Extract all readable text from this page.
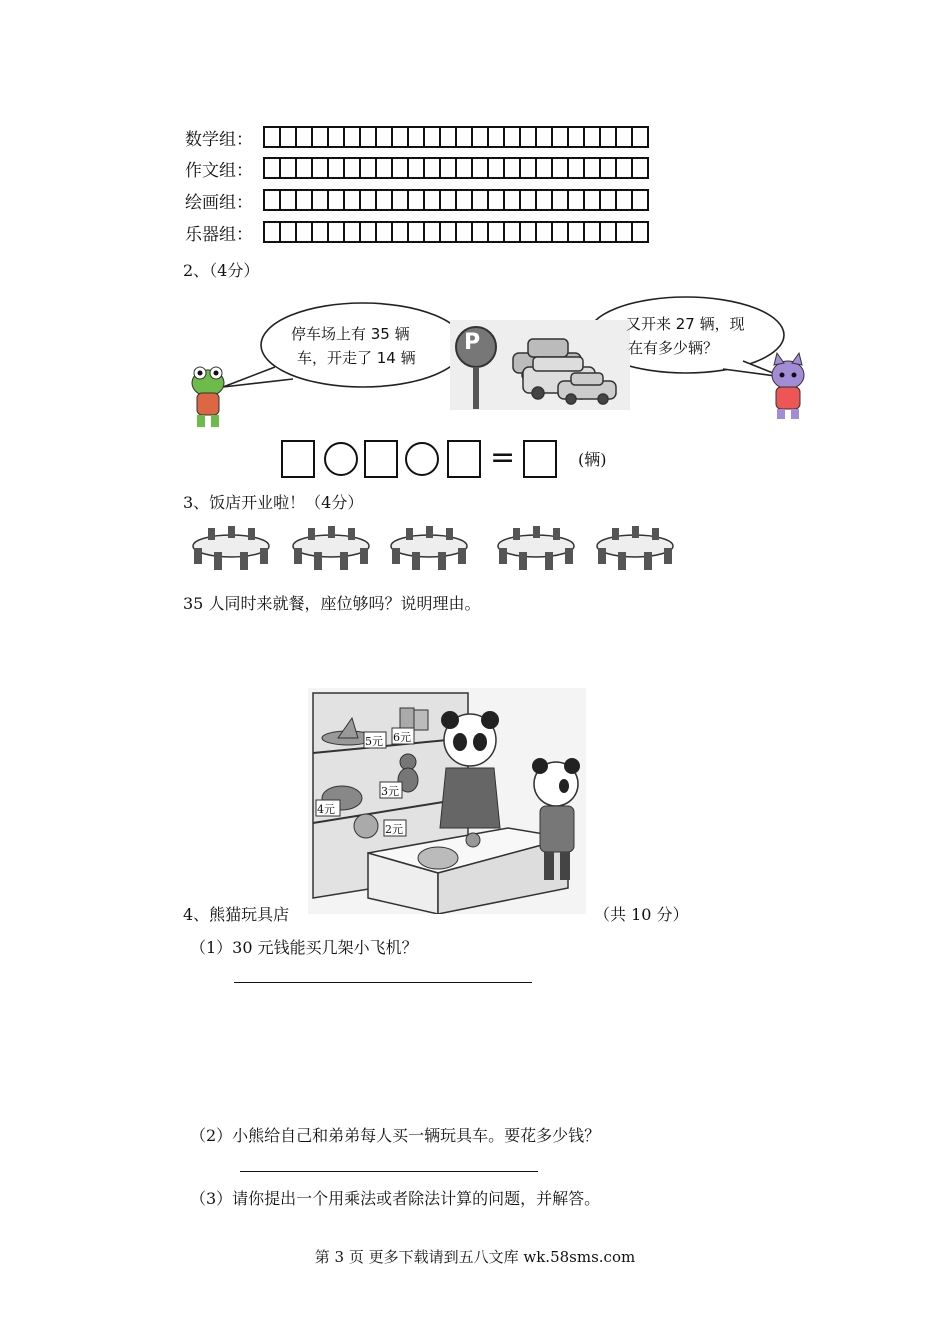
数学组：
作文组：
绘画组：
乐器组：
2、（4分）
停车场上有 35 辆
车，开走了 14 辆
又开来 27 辆，现
在有多少辆？
P
=	(辆)
3、饭店开业啦！（4分）
35 人同时来就餐，座位够吗？说明理由。
5元 6元
4元
3元
2元
4、熊猫玩具店	（共 10 分）
（1）30 元钱能买几架小飞机？
（2）小熊给自己和弟弟每人买一辆玩具车。要花多少钱？
（3）请你提出一个用乘法或者除法计算的问题，并解答。
第 3 页 更多下载请到五八文库 wk.58sms.com
